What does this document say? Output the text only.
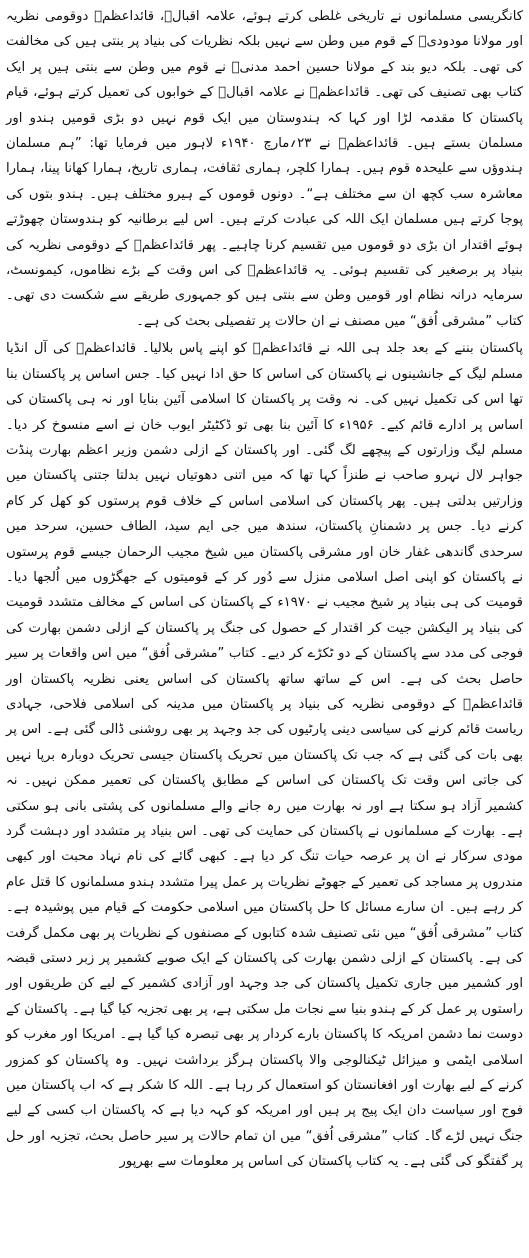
کانگریسی مسلمانوں نے تاریخی غلطی کرتے ہوئے، علامہ اقبالؒ، قائداعظمؒ دوقومی نظریہ اور مولانا مودودیؒ کے قوم میں وطن سے نہیں بلکہ نظریات کی بنیاد پر بنتی ہیں کی مخالفت کی تھی۔ بلکہ دیو بند کے مولانا حسین احمد مدنیؒ نے قوم میں وطن سے بنتی ہیں پر ایک کتاب بھی تصنیف کی تھی۔ قائداعظمؒ نے علامہ اقبالؒ کے خوابوں کی تعمیل کرتے ہوئے، قیام پاکستان کا مقدمہ لڑا اور کہا کہ ہندوستان میں ایک قوم نہیں دو بڑی قومیں ہندو اور مسلمان بستے ہیں۔ قائداعظمؒ نے ۲۳؍مارچ ۱۹۴۰ء لاہور میں فرمایا تھا: ”ہم مسلمان ہندوؤں سے علیحدہ قوم ہیں۔ ہمارا کلچر، ہماری ثقافت، ہماری تاریخ، ہمارا کھانا پینا، ہمارا معاشرہ سب کچھ ان سے مختلف ہے“۔ دونوں قوموں کے ہیرو مختلف ہیں۔ ہندو بتوں کی پوجا کرتے ہیں مسلمان ایک اللہ کی عبادت کرتے ہیں۔ اس لیے برطانیہ کو ہندوستان چھوڑتے ہوئے اقتدار ان بڑی دو قوموں میں تقسیم کرنا چاہیے۔ پھر قائداعظمؒ کے دوقومی نظریہ کی بنیاد پر برصغیر کی تقسیم ہوئی۔ یہ قائداعظمؒ کی اس وقت کے بڑے نظاموں، کیمونسٹ، سرمایہ درانہ نظام اور قومیں وطن سے بنتی ہیں کو جمہوری طریقے سے شکست دی تھی۔ کتاب ”مشرقی اُفق“ میں مصنف نے ان حالات پر تفصیلی بحث کی ہے۔

پاکستان بننے کے بعد جلد ہی اللہ نے قائداعظمؒ کو اپنے پاس بلالیا۔ قائداعظمؒ کی آل انڈیا مسلم لیگ کے جانشینوں نے پاکستان کی اساس کا حق ادا نہیں کیا۔ جس اساس پر پاکستان بنا تھا اس کی تکمیل نہیں کی۔ نہ وقت پر پاکستان کا اسلامی آئین بنایا اور نہ ہی پاکستان کی اساس پر ادارے قائم کیے۔ ۱۹۵۶ء کا آئین بنا بھی تو ڈکٹیٹر ایوب خان نے اسے منسوخ کر دیا۔ مسلم لیگ وزارتوں کے پیچھے لگ گئی۔ اور پاکستان کے ازلی دشمن وزیر اعظم بھارت پنڈت جواہر لال نہرو صاحب نے طنزاً کہا تھا کہ میں اتنی دھوتیاں نہیں بدلتا جتنی پاکستان میں وزارتیں بدلتی ہیں۔ پھر پاکستان کی اسلامی اساس کے خلاف قوم پرستوں کو کھل کر کام کرنے دیا۔ جس پر دشمنانِ پاکستان، سندھ میں جی ایم سید، الطاف حسین، سرحد میں سرحدی گاندھی غفار خان اور مشرقی پاکستان میں شیخ مجیب الرحمان جیسے قوم پرستوں نے پاکستان کو اپنی اصل اسلامی منزل سے دُور کر کے قومیتوں کے جھگڑوں میں اُلجھا دیا۔ قومیت کی ہی بنیاد پر شیخ مجیب نے ۱۹۷۰ء کے پاکستان کی اساس کے مخالف متشدد قومیت کی بنیاد پر الیکشن جیت کر اقتدار کے حصول کی جنگ پر پاکستان کے ازلی دشمن بھارت کی فوجی کی مدد سے پاکستان کے دو ٹکڑے کر دیے۔ کتاب ”مشرقی اُفق“ میں اس واقعات پر سیر حاصل بحث کی ہے۔ اس کے ساتھ ساتھ پاکستان کی اساس یعنی نظریہ پاکستان اور قائداعظمؒ کے دوقومی نظریہ کی بنیاد پر پاکستان میں مدینہ کی اسلامی فلاحی، جہادی ریاست قائم کرنے کی سیاسی دینی پارٹیوں کی جد وجہد پر بھی روشنی ڈالی گئی ہے۔ اس پر بھی بات کی گئی ہے کہ جب تک پاکستان میں تحریک پاکستان جیسی تحریک دوبارہ برپا نہیں کی جاتی اس وقت تک پاکستان کی اساس کے مطابق پاکستان کی تعمیر ممکن نہیں۔ نہ کشمیر آزاد ہو سکتا ہے اور نہ بھارت میں رہ جانے والے مسلمانوں کی پشتی بانی ہو سکتی ہے۔ بھارت کے مسلمانوں نے پاکستان کی حمایت کی تھی۔ اس بنیاد پر متشدد اور دہشت گرد مودی سرکار نے ان پر عرصہ حیات تنگ کر دیا ہے۔ کبھی گائے کی نام نہاد محبت اور کبھی مندروں پر مساجد کی تعمیر کے جھوٹے نظریات پر عمل پیرا متشدد ہندو مسلمانوں کا قتل عام کر رہے ہیں۔ ان سارے مسائل کا حل پاکستان میں اسلامی حکومت کے قیام میں پوشیدہ ہے۔ کتاب ”مشرقی اُفق“ میں نئی تصنیف شدہ کتابوں کے مصنفوں کے نظریات پر بھی مکمل گرفت کی ہے۔ پاکستان کے ازلی دشمن بھارت کی پاکستان کے ایک صوبے کشمیر پر زبر دستی قبضہ اور کشمیر میں جاری تکمیل پاکستان کی جد وجہد اور آزادی کشمیر کے لیے کن طریقوں اور راستوں پر عمل کر کے ہندو بنیا سے نجات مل سکتی ہے، پر بھی تجزیہ کیا گیا ہے۔ پاکستان کے دوست نما دشمن امریکہ کا پاکستان بارے کردار پر بھی تبصرہ کیا گیا ہے۔ امریکا اور مغرب کو اسلامی ایٹمی و میزائل ٹیکنالوجی والا پاکستان ہرگز برداشت نہیں۔ وہ پاکستان کو کمزور کرنے کے لیے بھارت اور افغانستان کو استعمال کر رہا ہے۔ اللہ کا شکر ہے کہ اب پاکستان میں فوج اور سیاست دان ایک پیج پر ہیں اور امریکہ کو کہہ دیا ہے کہ پاکستان اب کسی کے لیے جنگ نہیں لڑے گا۔ کتاب ”مشرقی اُفق“ میں ان تمام حالات پر سیر حاصل بحث، تجزیہ اور حل پر گفتگو کی گئی ہے۔ یہ کتاب پاکستان کی اساس پر معلومات سے بھرپور
